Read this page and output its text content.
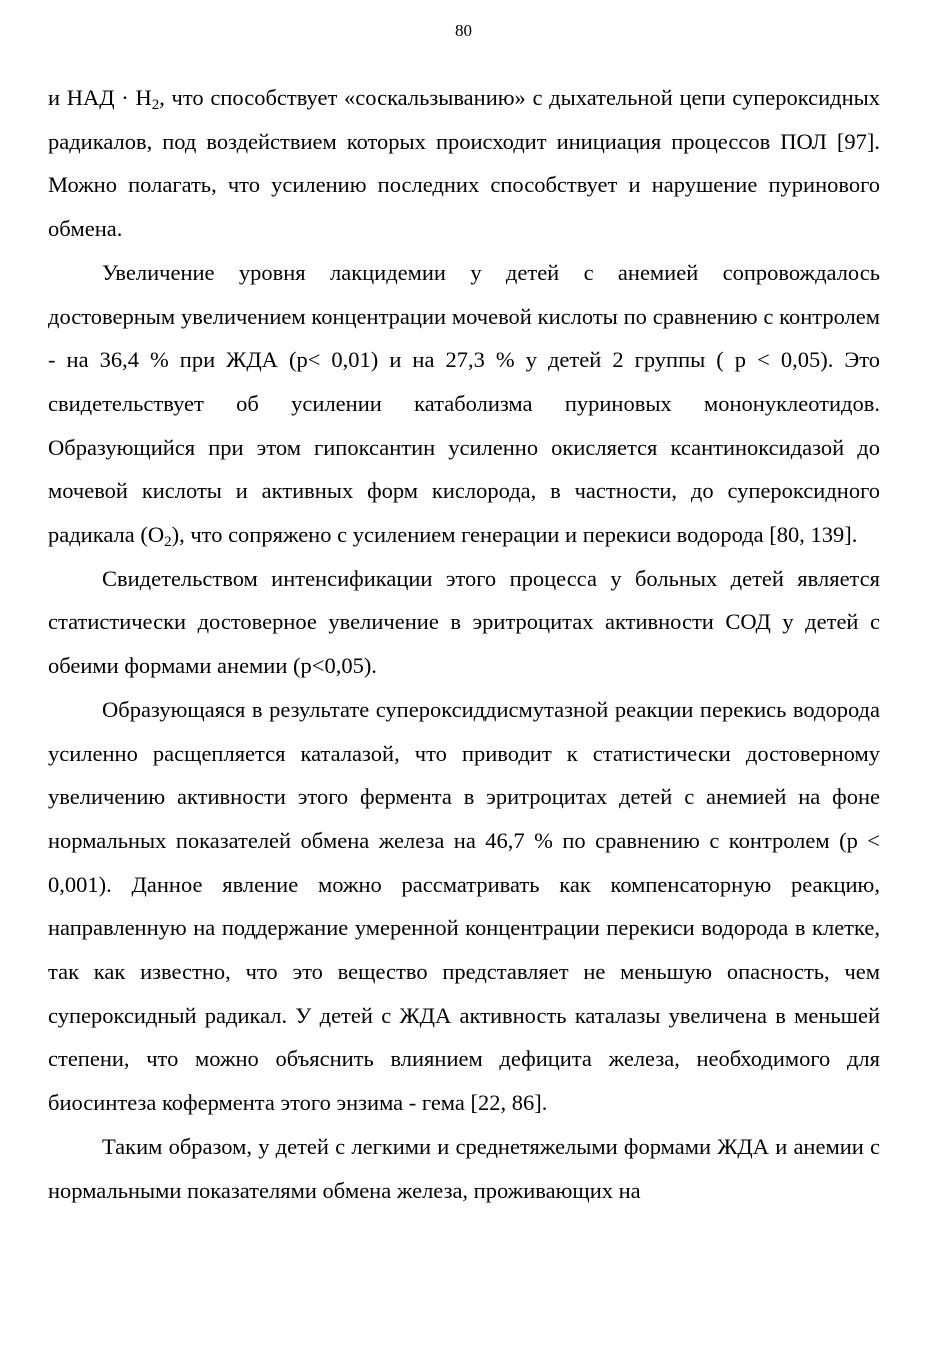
80

и НАД · $Н_2$, что способствует «соскальзыванию» с дыхательной цепи супероксидных радикалов, под воздействием которых происходит инициация процессов ПОЛ [97]. Можно полагать, что усилению последних способствует и нарушение пуринового обмена.

Увеличение уровня лакцидемии у детей с анемией сопровождалось достоверным увеличением концентрации мочевой кислоты по сравнению с контролем - на 36,4 % при ЖДА (р< 0,01) и на 27,3 % у детей 2 группы ( р < 0,05). Это свидетельствует об усилении катаболизма пуриновых мононуклеотидов. Образующийся при этом гипоксантин усиленно окисляется ксантиноксидазой до мочевой кислоты и активных форм кислорода, в частности, до супероксидного радикала $(О_2)$, что сопряжено с усилением генерации и перекиси водорода [80, 139].

Свидетельством интенсификации этого процесса у больных детей является статистически достоверное увеличение в эритроцитах активности СОД у детей с обеими формами анемии (р<0,05).

Образующаяся в результате супероксиддисмутазной реакции перекись водорода усиленно расщепляется каталазой, что приводит к статистически достоверному увеличению активности этого фермента в эритроцитах детей с анемией на фоне нормальных показателей обмена железа на 46,7 % по сравнению с контролем (р < 0,001). Данное явление можно рассматривать как компенсаторную реакцию, направленную на поддержание умеренной концентрации перекиси водорода в клетке, так как известно, что это вещество представляет не меньшую опасность, чем супероксидный радикал. У детей с ЖДА активность каталазы увеличена в меньшей степени, что можно объяснить влиянием дефицита железа, необходимого для биосинтеза кофермента этого энзима - гема [22, 86].

Таким образом, у детей с легкими и среднетяжелыми формами ЖДА и анемии с нормальными показателями обмена железа, проживающих на
